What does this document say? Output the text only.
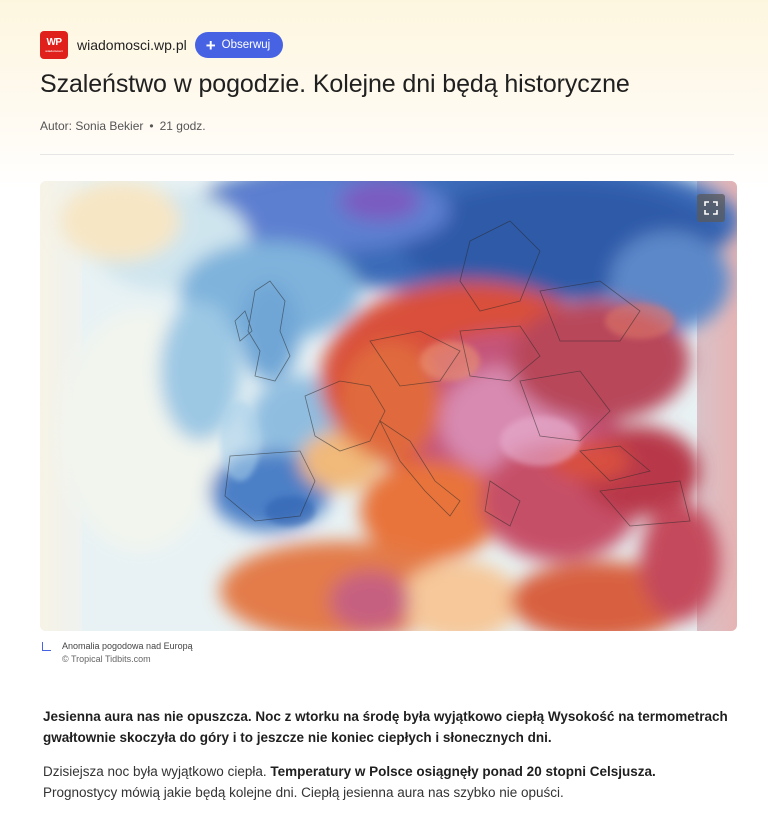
WP
wiadomosci wiadomosci.wp.pl + Obserwuj
Szaleństwo w pogodzie. Kolejne dni będą historyczne
Autor: Sonia Bekier • 21 godz.
Anomalia pogodowa nad Europą
© Tropical Tidbits.com

Jesienna aura nas nie opuszcza. Noc z wtorku na środę była wyjątkowo ciepłą Wysokość na termometrach gwałtownie skoczyła do góry i to jeszcze nie koniec ciepłych i słonecznych dni.

Dzisiejsza noc była wyjątkowo ciepła. Temperatury w Polsce osiągnęły ponad 20 stopni Celsjusza. Prognostycy mówią jakie będą kolejne dni. Ciepłą jesienna aura nas szybko nie opuści.
